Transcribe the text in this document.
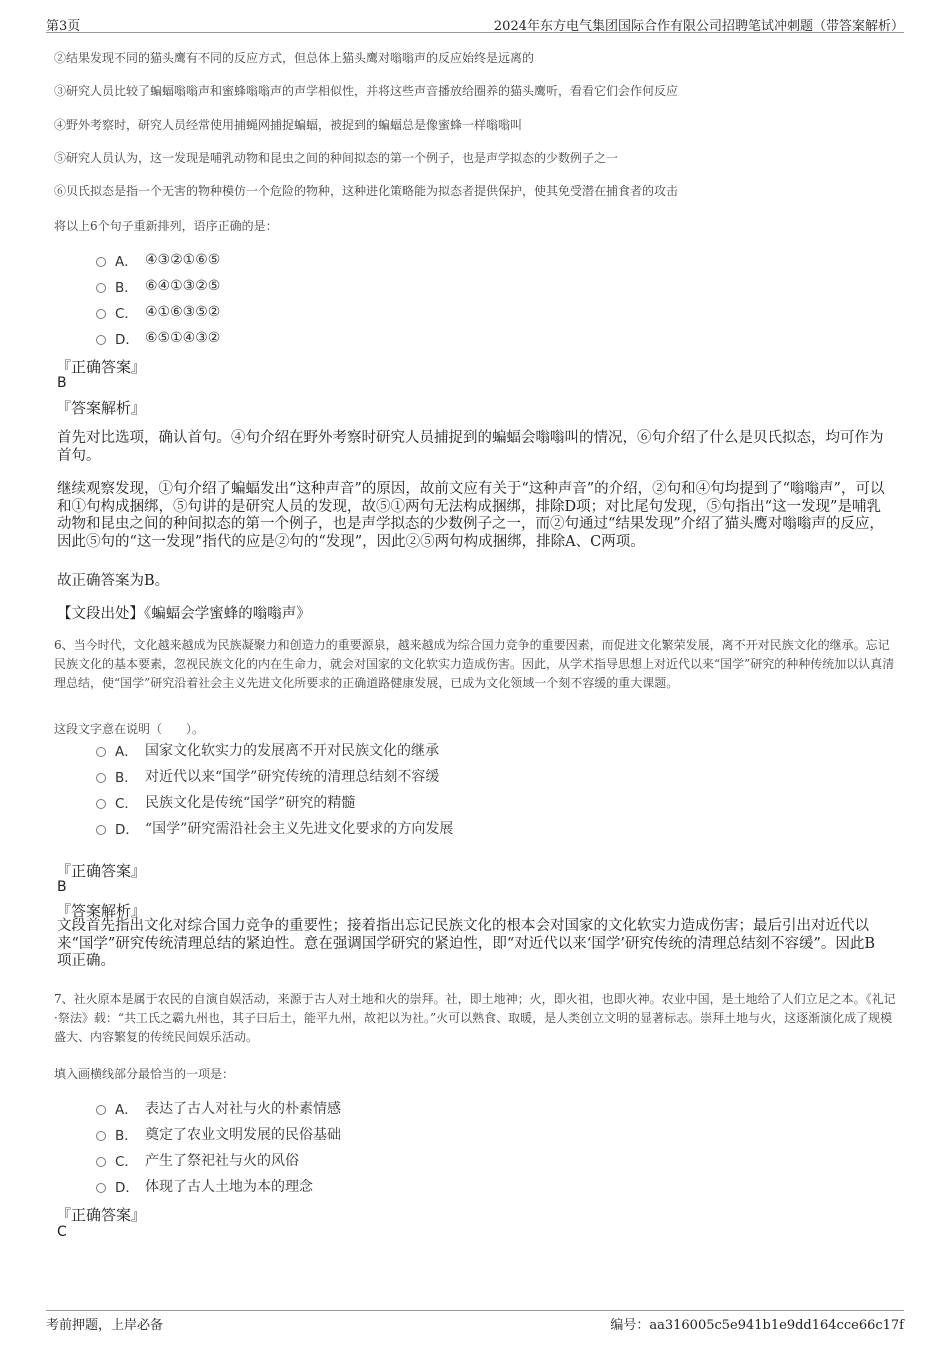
第3页	2024年东方电气集团国际合作有限公司招聘笔试冲刺题（带答案解析）
②结果发现不同的猫头鹰有不同的反应方式，但总体上猫头鹰对嗡嗡声的反应始终是远离的
③研究人员比较了蝙蝠嗡嗡声和蜜蜂嗡嗡声的声学相似性，并将这些声音播放给圈养的猫头鹰听，看看它们会作何反应
④野外考察时，研究人员经常使用捕蝇网捕捉蝙蝠，被捉到的蝙蝠总是像蜜蜂一样嗡嗡叫
⑤研究人员认为，这一发现是哺乳动物和昆虫之间的种间拟态的第一个例子，也是声学拟态的少数例子之一
⑥贝氏拟态是指一个无害的物种模仿一个危险的物种，这种进化策略能为拟态者提供保护，使其免受潜在捕食者的攻击
将以上6个句子重新排列，语序正确的是：
A． ④③②①⑥⑤
B． ⑥④①③②⑤
C． ④①⑥③⑤②
D． ⑥⑤①④③②
『正确答案』
B
『答案解析』
首先对比选项，确认首句。④句介绍在野外考察时研究人员捕捉到的蝙蝠会嗡嗡叫的情况，⑥句介绍了什么是贝氏拟态，均可作为首句。
继续观察发现，①句介绍了蝙蝠发出“这种声音”的原因，故前文应有关于“这种声音”的介绍，②句和④句均提到了“嗡嗡声”，可以和①句构成捆绑，⑤句讲的是研究人员的发现，故⑤①两句无法构成捆绑，排除D项；对比尾句发现，⑤句指出“这一发现”是哺乳动物和昆虫之间的种间拟态的第一个例子，也是声学拟态的少数例子之一，而②句通过“结果发现”介绍了猫头鹰对嗡嗡声的反应，因此⑤句的“这一发现”指代的应是②句的“发现”，因此②⑤两句构成捆绑，排除A、C两项。
故正确答案为B。
【文段出处】《蝙蝠会学蜜蜂的嗡嗡声》
6、当今时代，文化越来越成为民族凝聚力和创造力的重要源泉，越来越成为综合国力竞争的重要因素，而促进文化繁荣发展，离不开对民族文化的继承。忘记民族文化的基本要素，忽视民族文化的内在生命力，就会对国家的文化软实力造成伤害。因此，从学术指导思想上对近代以来“国学”研究的种种传统加以认真清理总结，使“国学”研究沿着社会主义先进文化所要求的正确道路健康发展，已成为文化领域一个刻不容缓的重大课题。
这段文字意在说明（　　）。
A． 国家文化软实力的发展离不开对民族文化的继承
B． 对近代以来“国学”研究传统的清理总结刻不容缓
C． 民族文化是传统“国学”研究的精髓
D． “国学”研究需沿社会主义先进文化要求的方向发展
『正确答案』
B
『答案解析』
文段首先指出文化对综合国力竞争的重要性；接着指出忘记民族文化的根本会对国家的文化软实力造成伤害；最后引出对近代以来“国学”研究传统清理总结的紧迫性。意在强调国学研究的紧迫性，即“对近代以来‘国学’研究传统的清理总结刻不容缓”。因此B项正确。
7、社火原本是属于农民的自演自娱活动，来源于古人对土地和火的崇拜。社，即土地神；火，即火祖，也即火神。农业中国，是土地给了人们立足之本。《礼记·祭法》载：“共工氏之霸九州也，其子曰后土，能平九州，故祀以为社。”火可以熟食、取暖，是人类创立文明的显著标志。崇拜土地与火，这逐渐演化成了规模盛大、内容繁复的传统民间娱乐活动。
填入画横线部分最恰当的一项是：
A． 表达了古人对社与火的朴素情感
B． 奠定了农业文明发展的民俗基础
C． 产生了祭祀社与火的风俗
D． 体现了古人土地为本的理念
『正确答案』
C
考前押题，上岸必备	编号：aa316005c5e941b1e9dd164cce66c17f
